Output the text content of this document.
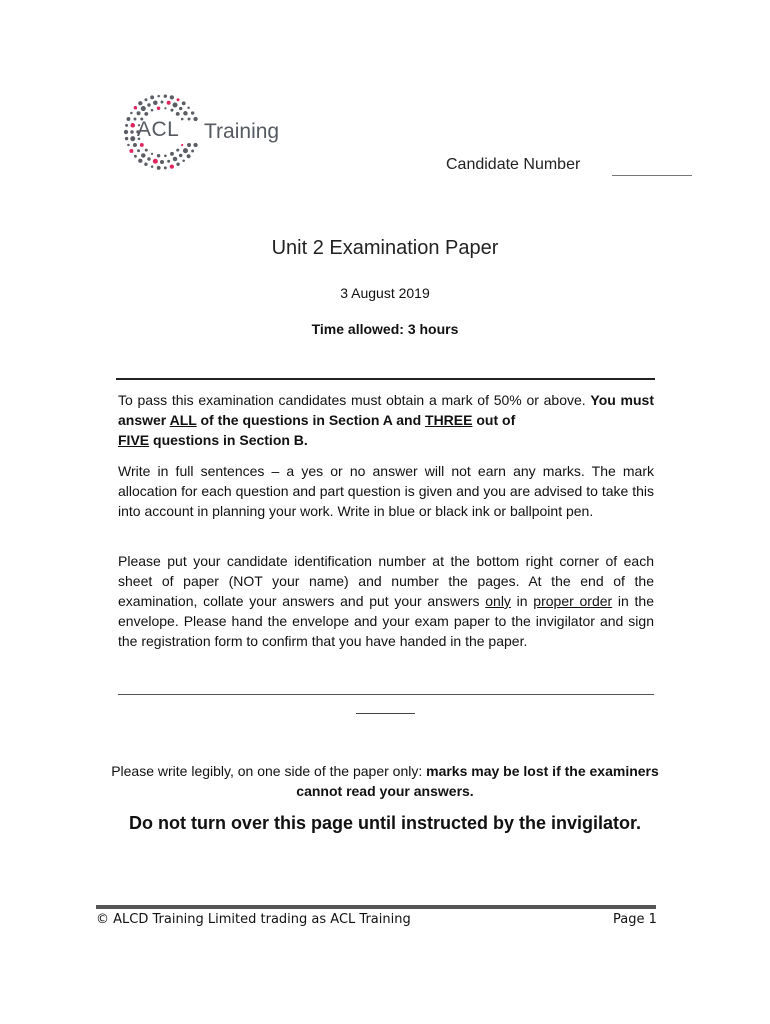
ACL Training
Candidate Number
Unit 2 Examination Paper
3 August 2019
Time allowed: 3 hours
To pass this examination candidates must obtain a mark of 50% or above. You must answer ALL of the questions in Section A and THREE out of
FIVE questions in Section B.
Write in full sentences – a yes or no answer will not earn any marks. The mark allocation for each question and part question is given and you are advised to take this into account in planning your work. Write in blue or black ink or ballpoint pen.
Please put your candidate identification number at the bottom right corner of each sheet of paper (NOT your name) and number the pages. At the end of the examination, collate your answers and put your answers only in proper order in the envelope. Please hand the envelope and your exam paper to the invigilator and sign the registration form to confirm that you have handed in the paper.
Please write legibly, on one side of the paper only: marks may be lost if the examiners cannot read your answers.
Do not turn over this page until instructed by the invigilator.
© ALCD Training Limited trading as ACL Training	Page 1
